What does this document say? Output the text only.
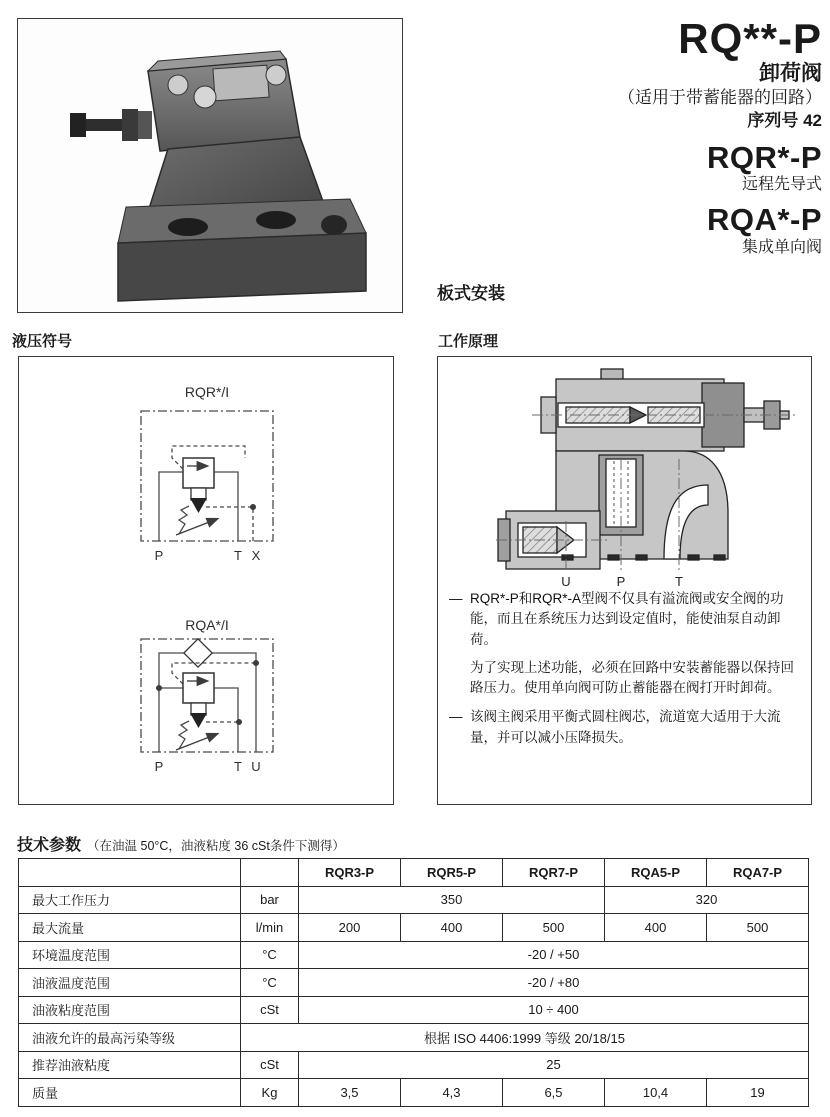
RQ**-P
卸荷阀
（适用于带蓄能器的回路）
序列号 42
RQR*-P
远程先导式
RQA*-P
集成单向阀
板式安装
液压符号
RQR*/I
P	T X
RQA*/I
P	T U
工作原理
U	P	T
— RQR*-P和RQR*-A型阀不仅具有溢流阀或安全阀的功能，而且在系统压力达到设定值时，能使油泵自动卸荷。

为了实现上述功能，必须在回路中安装蓄能器以保持回路压力。使用单向阀可防止蓄能器在阀打开时卸荷。

— 该阀主阀采用平衡式圆柱阀芯，流道宽大适用于大流量，并可以减小压降损失。

技术参数 （在油温 50°C，油液粘度 36 cSt条件下测得）
		RQR3-P	RQR5-P	RQR7-P	RQA5-P	RQA7-P
最大工作压力	bar	350			320	
最大流量	l/min	200	400	500	400	500
环境温度范围	°C	-20 / +50				
油液温度范围	°C	-20 / +80				
油液粘度范围	cSt	10 ÷ 400				
油液允许的最高污染等级	根据 ISO 4406:1999 等级 20/18/15					
推荐油液粘度	cSt	25				
质量	Kg	3,5	4,3	6,5	10,4	19
